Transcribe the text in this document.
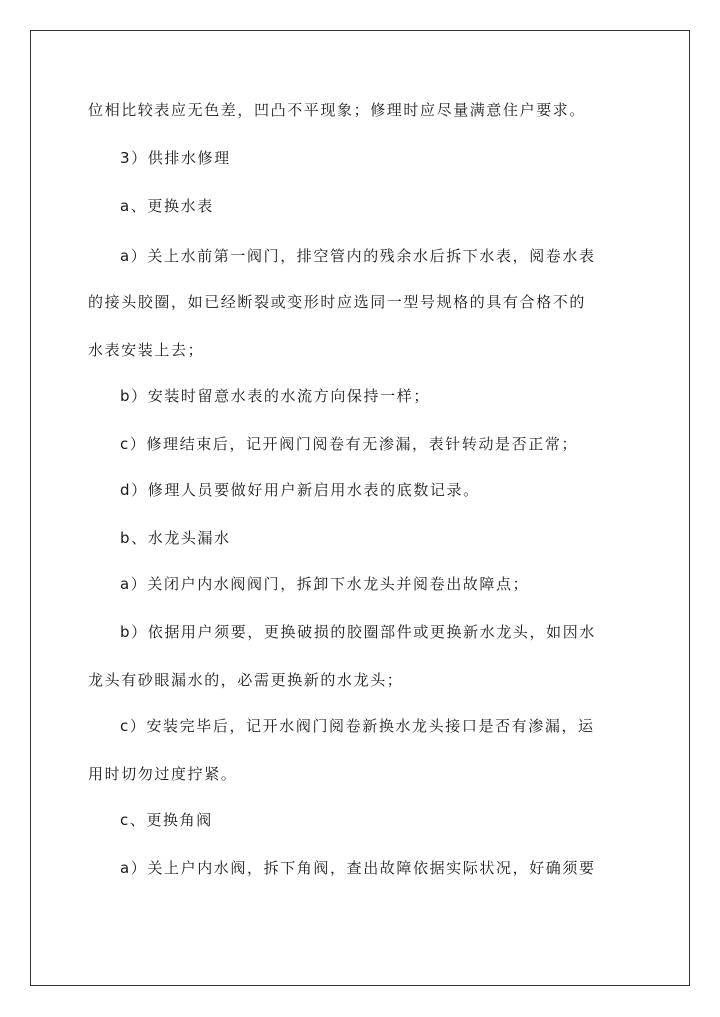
位相比较表应无色差，凹凸不平现象；修理时应尽量满意住户要求。
3）供排水修理
a、更换水表
a）关上水前第一阀门，排空管内的残余水后拆下水表，阅卷水表
的接头胶圈，如已经断裂或变形时应选同一型号规格的具有合格不的
水表安装上去；
b）安装时留意水表的水流方向保持一样；
c）修理结束后，记开阀门阅卷有无渗漏，表针转动是否正常；
d）修理人员要做好用户新启用水表的底数记录。
b、水龙头漏水
a）关闭户内水阀阀门，拆卸下水龙头并阅卷出故障点；
b）依据用户须要，更换破损的胶圈部件或更换新水龙头，如因水
龙头有砂眼漏水的，必需更换新的水龙头；
c）安装完毕后，记开水阀门阅卷新换水龙头接口是否有渗漏，运
用时切勿过度拧紧。
c、更换角阀
a）关上户内水阀，拆下角阀，查出故障依据实际状况，好确须要
